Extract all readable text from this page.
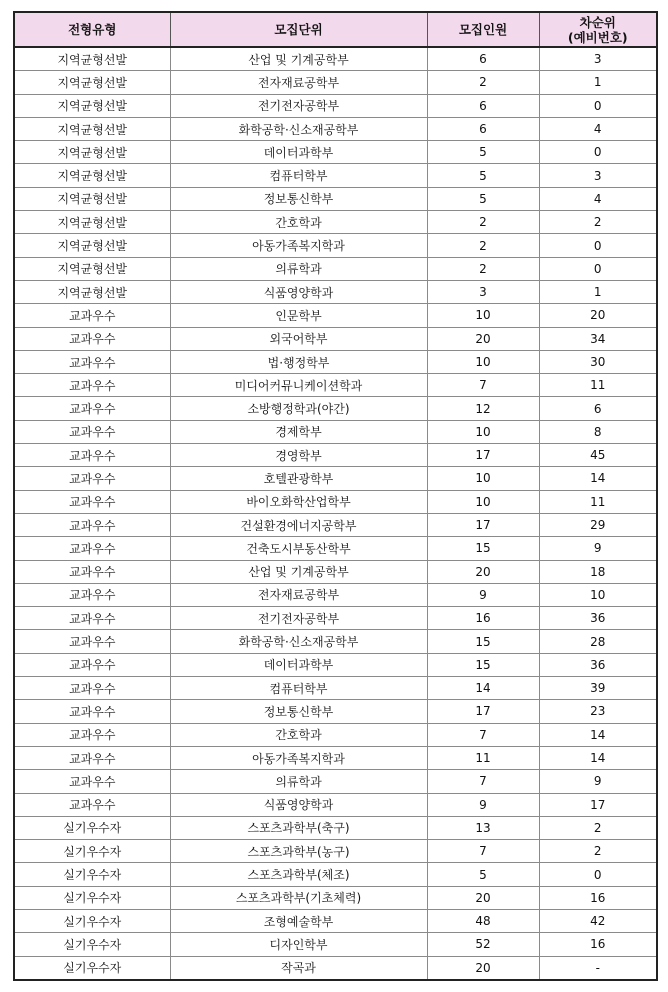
전형유형	모집단위	모집인원	차순위
(예비번호)

지역균형선발	산업 및 기계공학부	6	3
지역균형선발	전자재료공학부	2	1
지역균형선발	전기전자공학부	6	0
지역균형선발	화학공학·신소재공학부	6	4
지역균형선발	데이터과학부	5	0
지역균형선발	컴퓨터학부	5	3
지역균형선발	정보통신학부	5	4
지역균형선발	간호학과	2	2
지역균형선발	아동가족복지학과	2	0
지역균형선발	의류학과	2	0
지역균형선발	식품영양학과	3	1
교과우수	인문학부	10	20
교과우수	외국어학부	20	34
교과우수	법·행정학부	10	30
교과우수	미디어커뮤니케이션학과	7	11
교과우수	소방행정학과(야간)	12	6
교과우수	경제학부	10	8
교과우수	경영학부	17	45
교과우수	호텔관광학부	10	14
교과우수	바이오화학산업학부	10	11
교과우수	건설환경에너지공학부	17	29
교과우수	건축도시부동산학부	15	9
교과우수	산업 및 기계공학부	20	18
교과우수	전자재료공학부	9	10
교과우수	전기전자공학부	16	36
교과우수	화학공학·신소재공학부	15	28
교과우수	데이터과학부	15	36
교과우수	컴퓨터학부	14	39
교과우수	정보통신학부	17	23
교과우수	간호학과	7	14
교과우수	아동가족복지학과	11	14
교과우수	의류학과	7	9
교과우수	식품영양학과	9	17
실기우수자	스포츠과학부(축구)	13	2
실기우수자	스포츠과학부(농구)	7	2
실기우수자	스포츠과학부(체조)	5	0
실기우수자	스포츠과학부(기초체력)	20	16
실기우수자	조형예술학부	48	42
실기우수자	디자인학부	52	16
실기우수자	작곡과	20	-
